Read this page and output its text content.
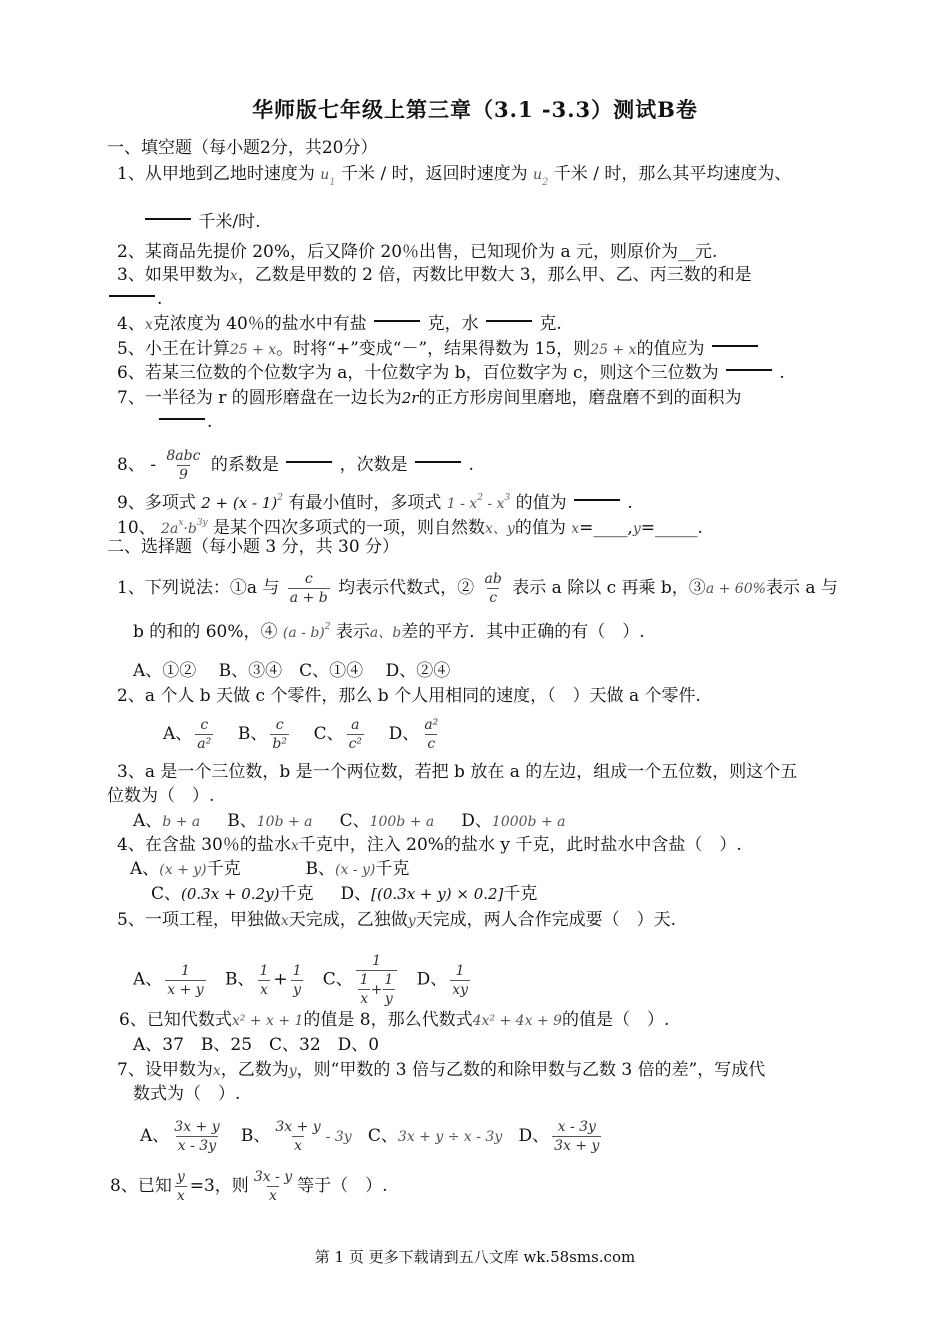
华师版七年级上第三章（3.1 -3.3）测试B卷
一、填空题（每小题2分，共20分）
1、从甲地到乙地时速度为 $u_1$ 千米 / 时，返回时速度为 $u_2$ 千米 / 时，那么其平均速度为、
千米/时.
2、某商品先提价 20%，后又降价 20％出售，已知现价为 a 元，则原价为__元.
3、如果甲数为x，乙数是甲数的 2 倍，丙数比甲数大 3，那么甲、乙、丙三数的和是
.
4、x克浓度为 40％的盐水中有盐	克，水	克.
5、小王在计算25 + x。时将“+”变成“－”，结果得数为 15，则25 + x的值应为
6、若某三位数的个位数字为 a，十位数字为 b，百位数字为 c，则这个三位数为	.
7、一半径为 r 的圆形磨盘在一边长为2r的正方形房间里磨地，磨盘磨不到的面积为
.
8、 - $\frac{\text{8abc}}{9}$ 的系数是	，次数是	.
9、多项式 2 + (x - 1)$^2$ 有最小值时，多项式 $1 - x^2 - x^3$ 的值为	.
10、 $2a^x\cdot b^{3y}$ 是某个四次多项式的一项，则自然数x、y的值为 x=____,y=_____.
二、选择题（每小题 3 分，共 30 分）
1、下列说法：①a 与 $\frac{c}{a + b}$ 均表示代数式，② $\frac{ab}{c}$ 表示 a 除以 c 再乘 b，③a + 60%表示 a 与
b 的和的 60%，④ (a - b)$^2$ 表示a、b差的平方．其中正确的有（　）.
A、①②　 B、③④　C、①④　 D、②④
2、a 个人 b 天做 c 个零件，那么 b 个人用相同的速度，（　）天做 a 个零件.
A、 $\frac{c}{\text{a²}}$ B、 $\frac{c}{\text{b²}}$ C、 $\frac{a}{\text{c²}}$ D、 $\frac{\text{a²}}{c}$
3、a 是一个三位数，b 是一个两位数，若把 b 放在 a 的左边，组成一个五位数，则这个五
位数为（　）.
A、b + a B、10b + a C、100b + a D、1000b + a
4、在含盐 30％的盐水x千克中，注入 20%的盐水 y 千克，此时盐水中含盐（　）.
A、(x + y)千克	B、(x - y)千克
C、(0.3x + 0.2y)千克 D、[(0.3x + y) × 0.2]千克
5、一项工程，甲独做x天完成，乙独做y天完成，两人合作完成要（　）天.
A、 $\frac{1}{x + y}$ B、 $\frac{1}{x} + \frac{1}{y}$ C、 $\frac{1}{\frac{1}{x} + \frac{1}{y}}$ D、 $\frac{1}{xy}$
6、已知代数式x² + x + 1的值是 8，那么代数式4x² + 4x + 9的值是（　）.
A、37　B、25　C、32　D、0
7、设甲数为x，乙数为y，则“甲数的 3 倍与乙数的和除甲数与乙数 3 倍的差”，写成代
数式为（　）.
A、 $\frac{3x + y}{x - 3y}$ B、 $\frac{3x + y}{x} - 3y$ C、3x + y ÷ x - 3y D、 $\frac{x - 3y}{3x + y}$
8、已知 $\frac{y}{x} =3$，则 $\frac{3x - y}{x}$ 等于（　）.
第 1 页 更多下载请到五八文库 wk.58sms.com
